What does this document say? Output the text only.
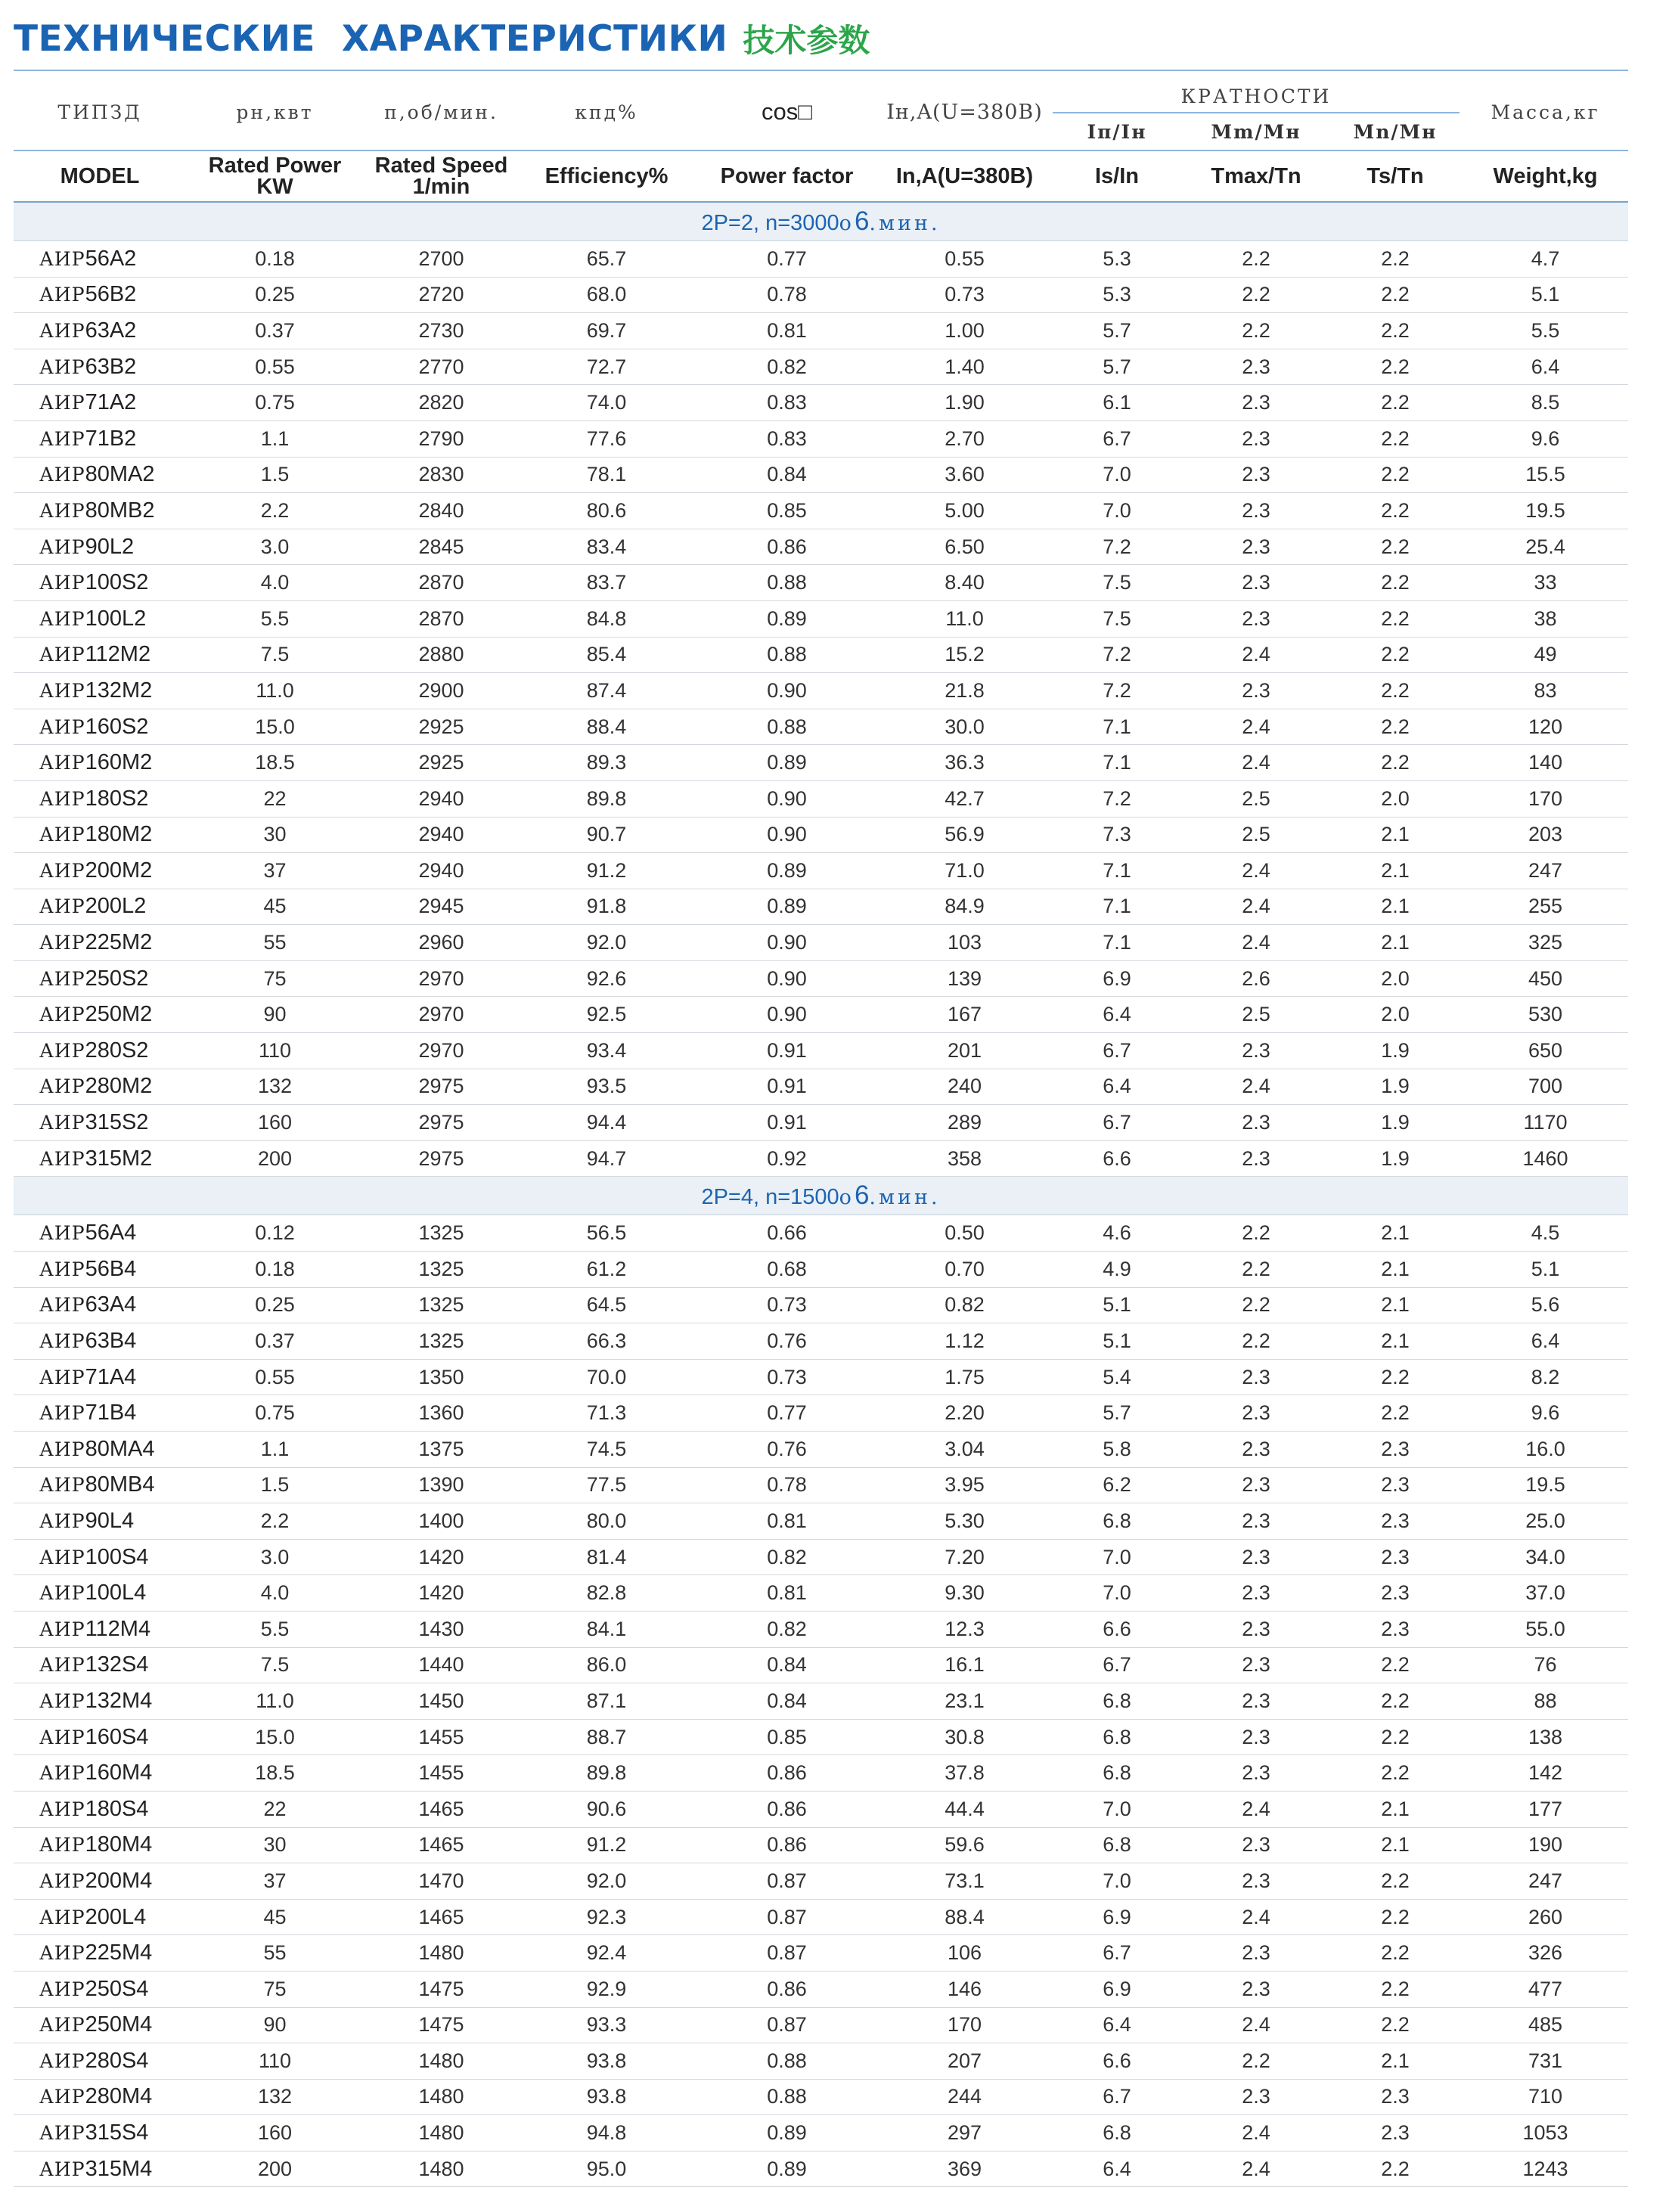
ТЕХНИЧЕСКИЕ ХАРАКТЕРИСТИКИ 技术参数
ТИПЗД	рн,квт	п,об/мин.	кпд%	cos□	Iн,A(U=380B)	КРАТНОСТИ			Масса,кг
						Iп/Iн	Mm/Mн	Mn/Mн	

MODEL	Rated Power KW	Rated Speed 1/min	Efficiency%	Power factor	In,A(U=380B)	Is/In	Tmax/Tn	Ts/Tn	Weight,kg

2P=2, n=3000о6.мин.									
АИР56A2	0.18	2700	65.7	0.77	0.55	5.3	2.2	2.2	4.7
АИР56B2	0.25	2720	68.0	0.78	0.73	5.3	2.2	2.2	5.1
АИР63A2	0.37	2730	69.7	0.81	1.00	5.7	2.2	2.2	5.5
АИР63B2	0.55	2770	72.7	0.82	1.40	5.7	2.3	2.2	6.4
АИР71A2	0.75	2820	74.0	0.83	1.90	6.1	2.3	2.2	8.5
АИР71B2	1.1	2790	77.6	0.83	2.70	6.7	2.3	2.2	9.6
АИР80MA2	1.5	2830	78.1	0.84	3.60	7.0	2.3	2.2	15.5
АИР80MB2	2.2	2840	80.6	0.85	5.00	7.0	2.3	2.2	19.5
АИР90L2	3.0	2845	83.4	0.86	6.50	7.2	2.3	2.2	25.4
АИР100S2	4.0	2870	83.7	0.88	8.40	7.5	2.3	2.2	33
АИР100L2	5.5	2870	84.8	0.89	11.0	7.5	2.3	2.2	38
АИР112M2	7.5	2880	85.4	0.88	15.2	7.2	2.4	2.2	49
АИР132M2	11.0	2900	87.4	0.90	21.8	7.2	2.3	2.2	83
АИР160S2	15.0	2925	88.4	0.88	30.0	7.1	2.4	2.2	120
АИР160M2	18.5	2925	89.3	0.89	36.3	7.1	2.4	2.2	140
АИР180S2	22	2940	89.8	0.90	42.7	7.2	2.5	2.0	170
АИР180M2	30	2940	90.7	0.90	56.9	7.3	2.5	2.1	203
АИР200M2	37	2940	91.2	0.89	71.0	7.1	2.4	2.1	247
АИР200L2	45	2945	91.8	0.89	84.9	7.1	2.4	2.1	255
АИР225M2	55	2960	92.0	0.90	103	7.1	2.4	2.1	325
АИР250S2	75	2970	92.6	0.90	139	6.9	2.6	2.0	450
АИР250M2	90	2970	92.5	0.90	167	6.4	2.5	2.0	530
АИР280S2	110	2970	93.4	0.91	201	6.7	2.3	1.9	650
АИР280M2	132	2975	93.5	0.91	240	6.4	2.4	1.9	700
АИР315S2	160	2975	94.4	0.91	289	6.7	2.3	1.9	1170
АИР315M2	200	2975	94.7	0.92	358	6.6	2.3	1.9	1460
2P=4, n=1500о6.мин.									
АИР56A4	0.12	1325	56.5	0.66	0.50	4.6	2.2	2.1	4.5
АИР56B4	0.18	1325	61.2	0.68	0.70	4.9	2.2	2.1	5.1
АИР63A4	0.25	1325	64.5	0.73	0.82	5.1	2.2	2.1	5.6
АИР63B4	0.37	1325	66.3	0.76	1.12	5.1	2.2	2.1	6.4
АИР71A4	0.55	1350	70.0	0.73	1.75	5.4	2.3	2.2	8.2
АИР71B4	0.75	1360	71.3	0.77	2.20	5.7	2.3	2.2	9.6
АИР80MA4	1.1	1375	74.5	0.76	3.04	5.8	2.3	2.3	16.0
АИР80MB4	1.5	1390	77.5	0.78	3.95	6.2	2.3	2.3	19.5
АИР90L4	2.2	1400	80.0	0.81	5.30	6.8	2.3	2.3	25.0
АИР100S4	3.0	1420	81.4	0.82	7.20	7.0	2.3	2.3	34.0
АИР100L4	4.0	1420	82.8	0.81	9.30	7.0	2.3	2.3	37.0
АИР112M4	5.5	1430	84.1	0.82	12.3	6.6	2.3	2.3	55.0
АИР132S4	7.5	1440	86.0	0.84	16.1	6.7	2.3	2.2	76
АИР132M4	11.0	1450	87.1	0.84	23.1	6.8	2.3	2.2	88
АИР160S4	15.0	1455	88.7	0.85	30.8	6.8	2.3	2.2	138
АИР160M4	18.5	1455	89.8	0.86	37.8	6.8	2.3	2.2	142
АИР180S4	22	1465	90.6	0.86	44.4	7.0	2.4	2.1	177
АИР180M4	30	1465	91.2	0.86	59.6	6.8	2.3	2.1	190
АИР200M4	37	1470	92.0	0.87	73.1	7.0	2.3	2.2	247
АИР200L4	45	1465	92.3	0.87	88.4	6.9	2.4	2.2	260
АИР225M4	55	1480	92.4	0.87	106	6.7	2.3	2.2	326
АИР250S4	75	1475	92.9	0.86	146	6.9	2.3	2.2	477
АИР250M4	90	1475	93.3	0.87	170	6.4	2.4	2.2	485
АИР280S4	110	1480	93.8	0.88	207	6.6	2.2	2.1	731
АИР280M4	132	1480	93.8	0.88	244	6.7	2.3	2.3	710
АИР315S4	160	1480	94.8	0.89	297	6.8	2.4	2.3	1053
АИР315M4	200	1480	95.0	0.89	369	6.4	2.4	2.2	1243
